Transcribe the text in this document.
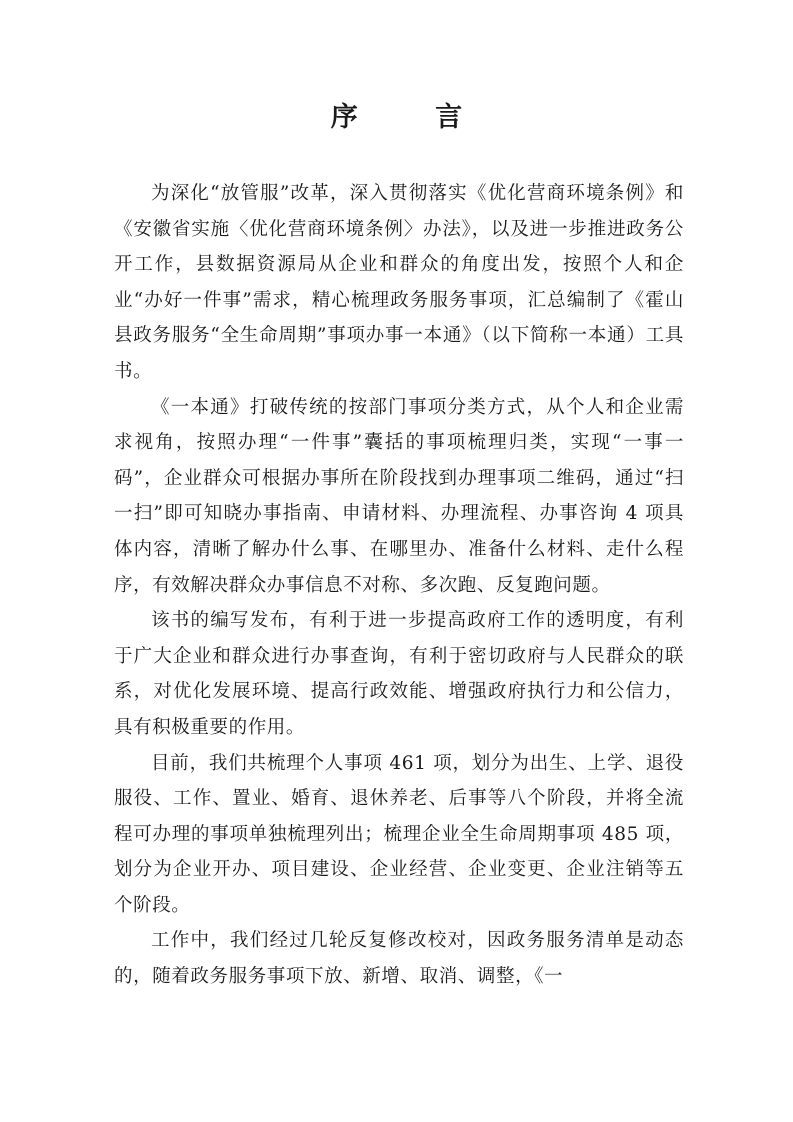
序 言

为深化“放管服”改革，深入贯彻落实《优化营商环境条例》和《安徽省实施〈优化营商环境条例〉办法》，以及进一步推进政务公开工作，县数据资源局从企业和群众的角度出发，按照个人和企业“办好一件事”需求，精心梳理政务服务事项，汇总编制了《霍山县政务服务“全生命周期”事项办事一本通》（以下简称一本通）工具书。

《一本通》打破传统的按部门事项分类方式，从个人和企业需求视角，按照办理“一件事”囊括的事项梳理归类，实现“一事一码”，企业群众可根据办事所在阶段找到办理事项二维码，通过“扫一扫”即可知晓办事指南、申请材料、办理流程、办事咨询 4 项具体内容，清晰了解办什么事、在哪里办、准备什么材料、走什么程序，有效解决群众办事信息不对称、多次跑、反复跑问题。

该书的编写发布，有利于进一步提高政府工作的透明度，有利于广大企业和群众进行办事查询，有利于密切政府与人民群众的联系，对优化发展环境、提高行政效能、增强政府执行力和公信力，具有积极重要的作用。

目前，我们共梳理个人事项 461 项，划分为出生、上学、退役服役、工作、置业、婚育、退休养老、后事等八个阶段，并将全流程可办理的事项单独梳理列出；梳理企业全生命周期事项 485 项，划分为企业开办、项目建设、企业经营、企业变更、企业注销等五个阶段。

工作中，我们经过几轮反复修改校对，因政务服务清单是动态的，随着政务服务事项下放、新增、取消、调整，《一
